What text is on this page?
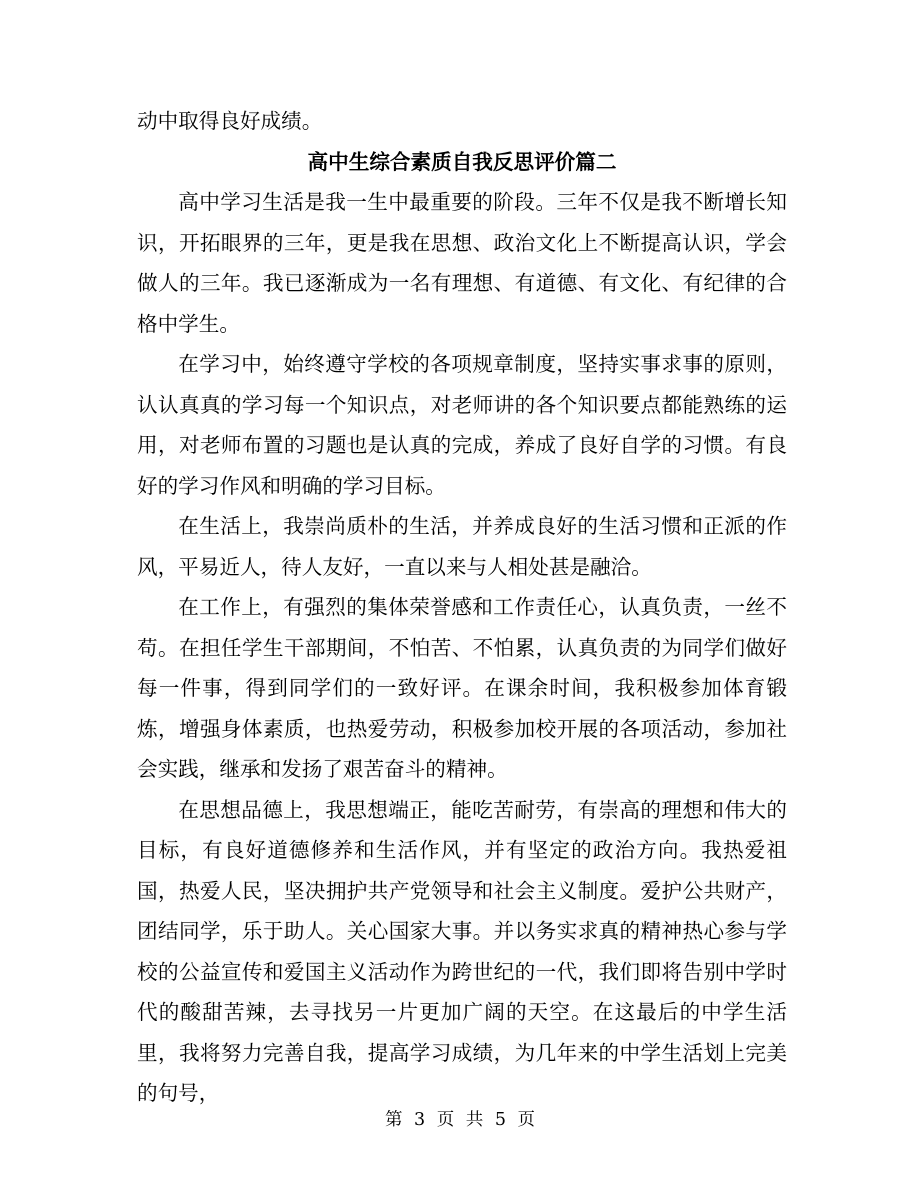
动中取得良好成绩。

高中生综合素质自我反思评价篇二

高中学习生活是我一生中最重要的阶段。三年不仅是我不断增长知识，开拓眼界的三年，更是我在思想、政治文化上不断提高认识，学会做人的三年。我已逐渐成为一名有理想、有道德、有文化、有纪律的合格中学生。

在学习中，始终遵守学校的各项规章制度，坚持实事求事的原则，认认真真的学习每一个知识点，对老师讲的各个知识要点都能熟练的运用，对老师布置的习题也是认真的完成，养成了良好自学的习惯。有良好的学习作风和明确的学习目标。

在生活上，我崇尚质朴的生活，并养成良好的生活习惯和正派的作风，平易近人，待人友好，一直以来与人相处甚是融洽。

在工作上，有强烈的集体荣誉感和工作责任心，认真负责，一丝不苟。在担任学生干部期间，不怕苦、不怕累，认真负责的为同学们做好每一件事，得到同学们的一致好评。在课余时间，我积极参加体育锻炼，增强身体素质，也热爱劳动，积极参加校开展的各项活动，参加社会实践，继承和发扬了艰苦奋斗的精神。

在思想品德上，我思想端正，能吃苦耐劳，有崇高的理想和伟大的目标，有良好道德修养和生活作风，并有坚定的政治方向。我热爱祖国，热爱人民，坚决拥护共产党领导和社会主义制度。爱护公共财产，团结同学，乐于助人。关心国家大事。并以务实求真的精神热心参与学校的公益宣传和爱国主义活动作为跨世纪的一代，我们即将告别中学时代的酸甜苦辣，去寻找另一片更加广阔的天空。在这最后的中学生活里，我将努力完善自我，提高学习成绩，为几年来的中学生活划上完美的句号，

第 3 页 共 5 页
